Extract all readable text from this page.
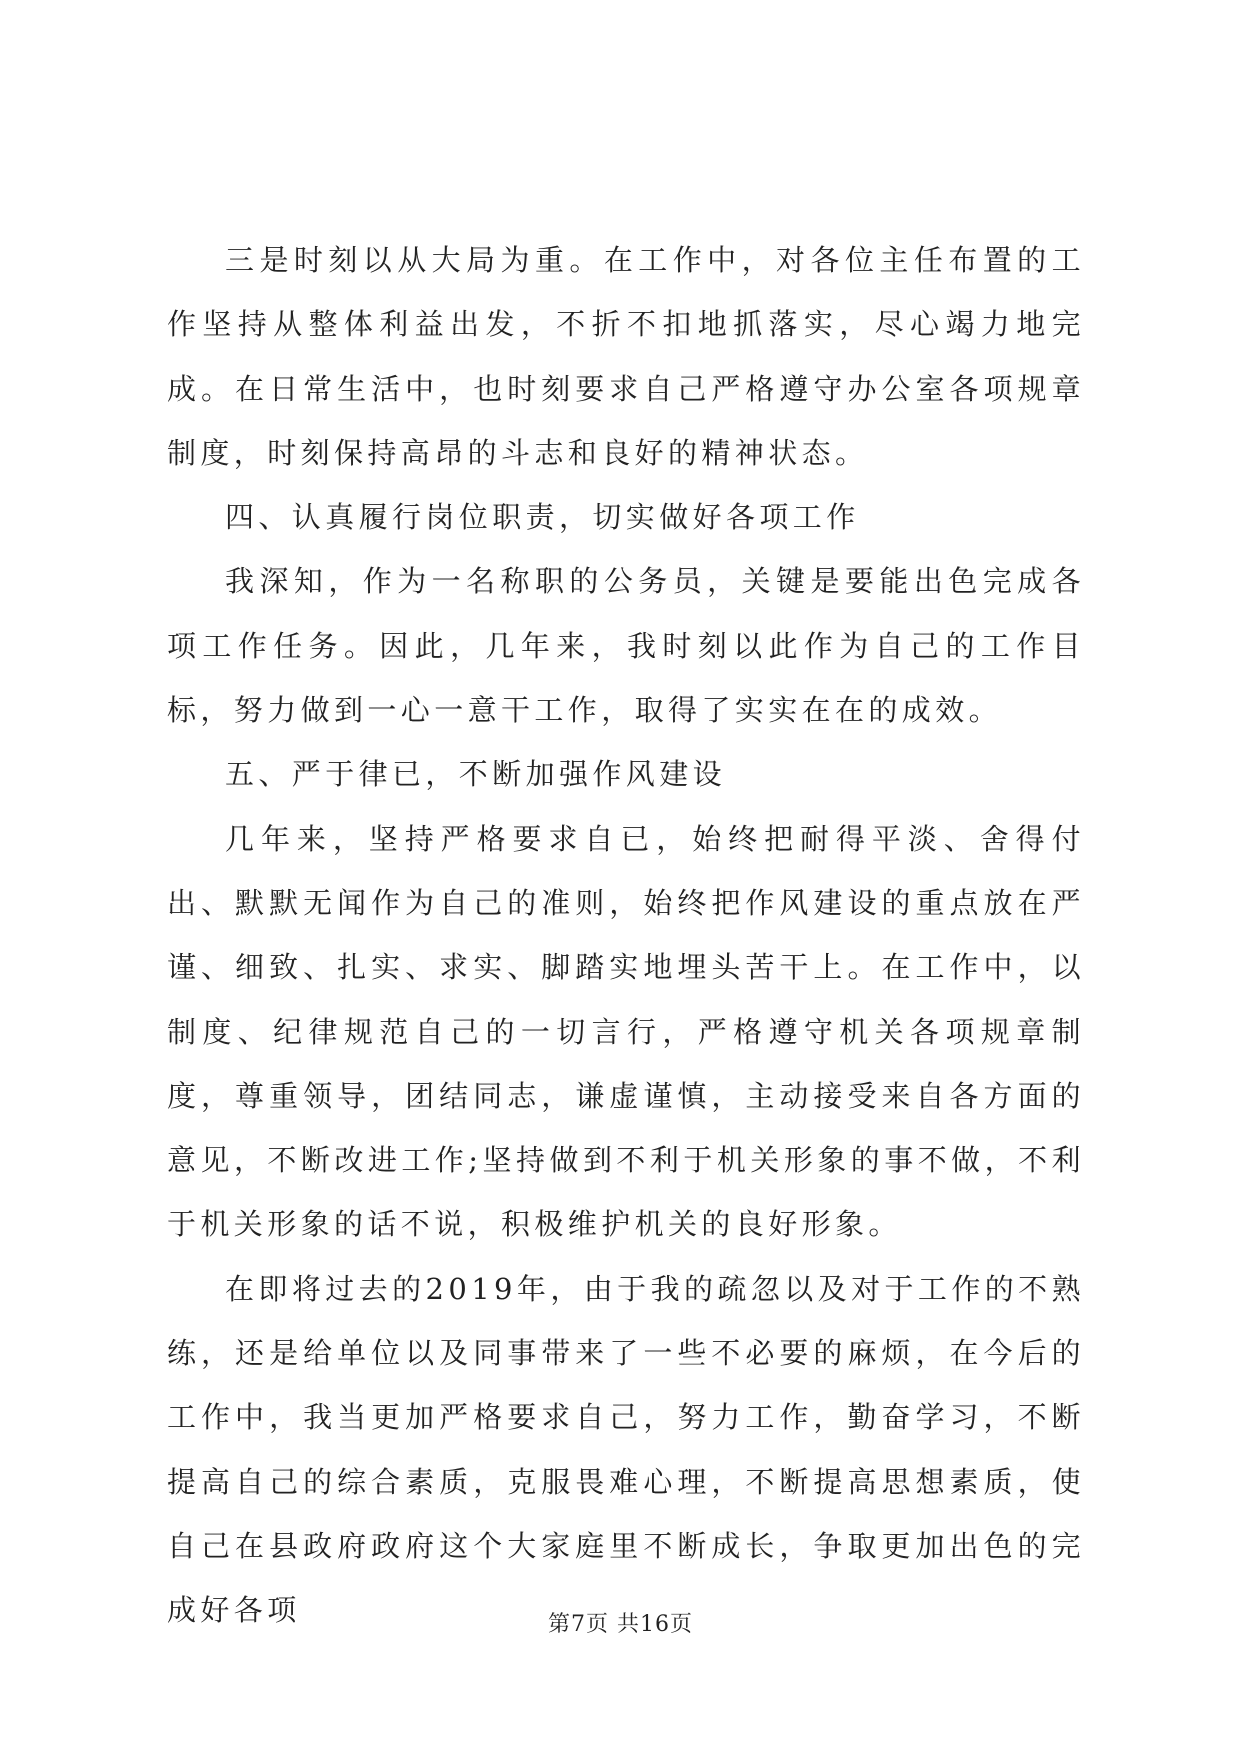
三是时刻以从大局为重。在工作中，对各位主任布置的工作坚持从整体利益出发，不折不扣地抓落实，尽心竭力地完成。在日常生活中，也时刻要求自己严格遵守办公室各项规章制度，时刻保持高昂的斗志和良好的精神状态。

四、认真履行岗位职责，切实做好各项工作

我深知，作为一名称职的公务员，关键是要能出色完成各项工作任务。因此，几年来，我时刻以此作为自己的工作目标，努力做到一心一意干工作，取得了实实在在的成效。

五、严于律已，不断加强作风建设

几年来，坚持严格要求自已，始终把耐得平淡、舍得付出、默默无闻作为自己的准则，始终把作风建设的重点放在严谨、细致、扎实、求实、脚踏实地埋头苦干上。在工作中，以制度、纪律规范自己的一切言行，严格遵守机关各项规章制度，尊重领导，团结同志，谦虚谨慎，主动接受来自各方面的意见，不断改进工作;坚持做到不利于机关形象的事不做，不利于机关形象的话不说，积极维护机关的良好形象。

在即将过去的2019年，由于我的疏忽以及对于工作的不熟练，还是给单位以及同事带来了一些不必要的麻烦，在今后的工作中，我当更加严格要求自己，努力工作，勤奋学习，不断提高自己的综合素质，克服畏难心理，不断提高思想素质，使自己在县政府政府这个大家庭里不断成长，争取更加出色的完成好各项	第7页 共16页
